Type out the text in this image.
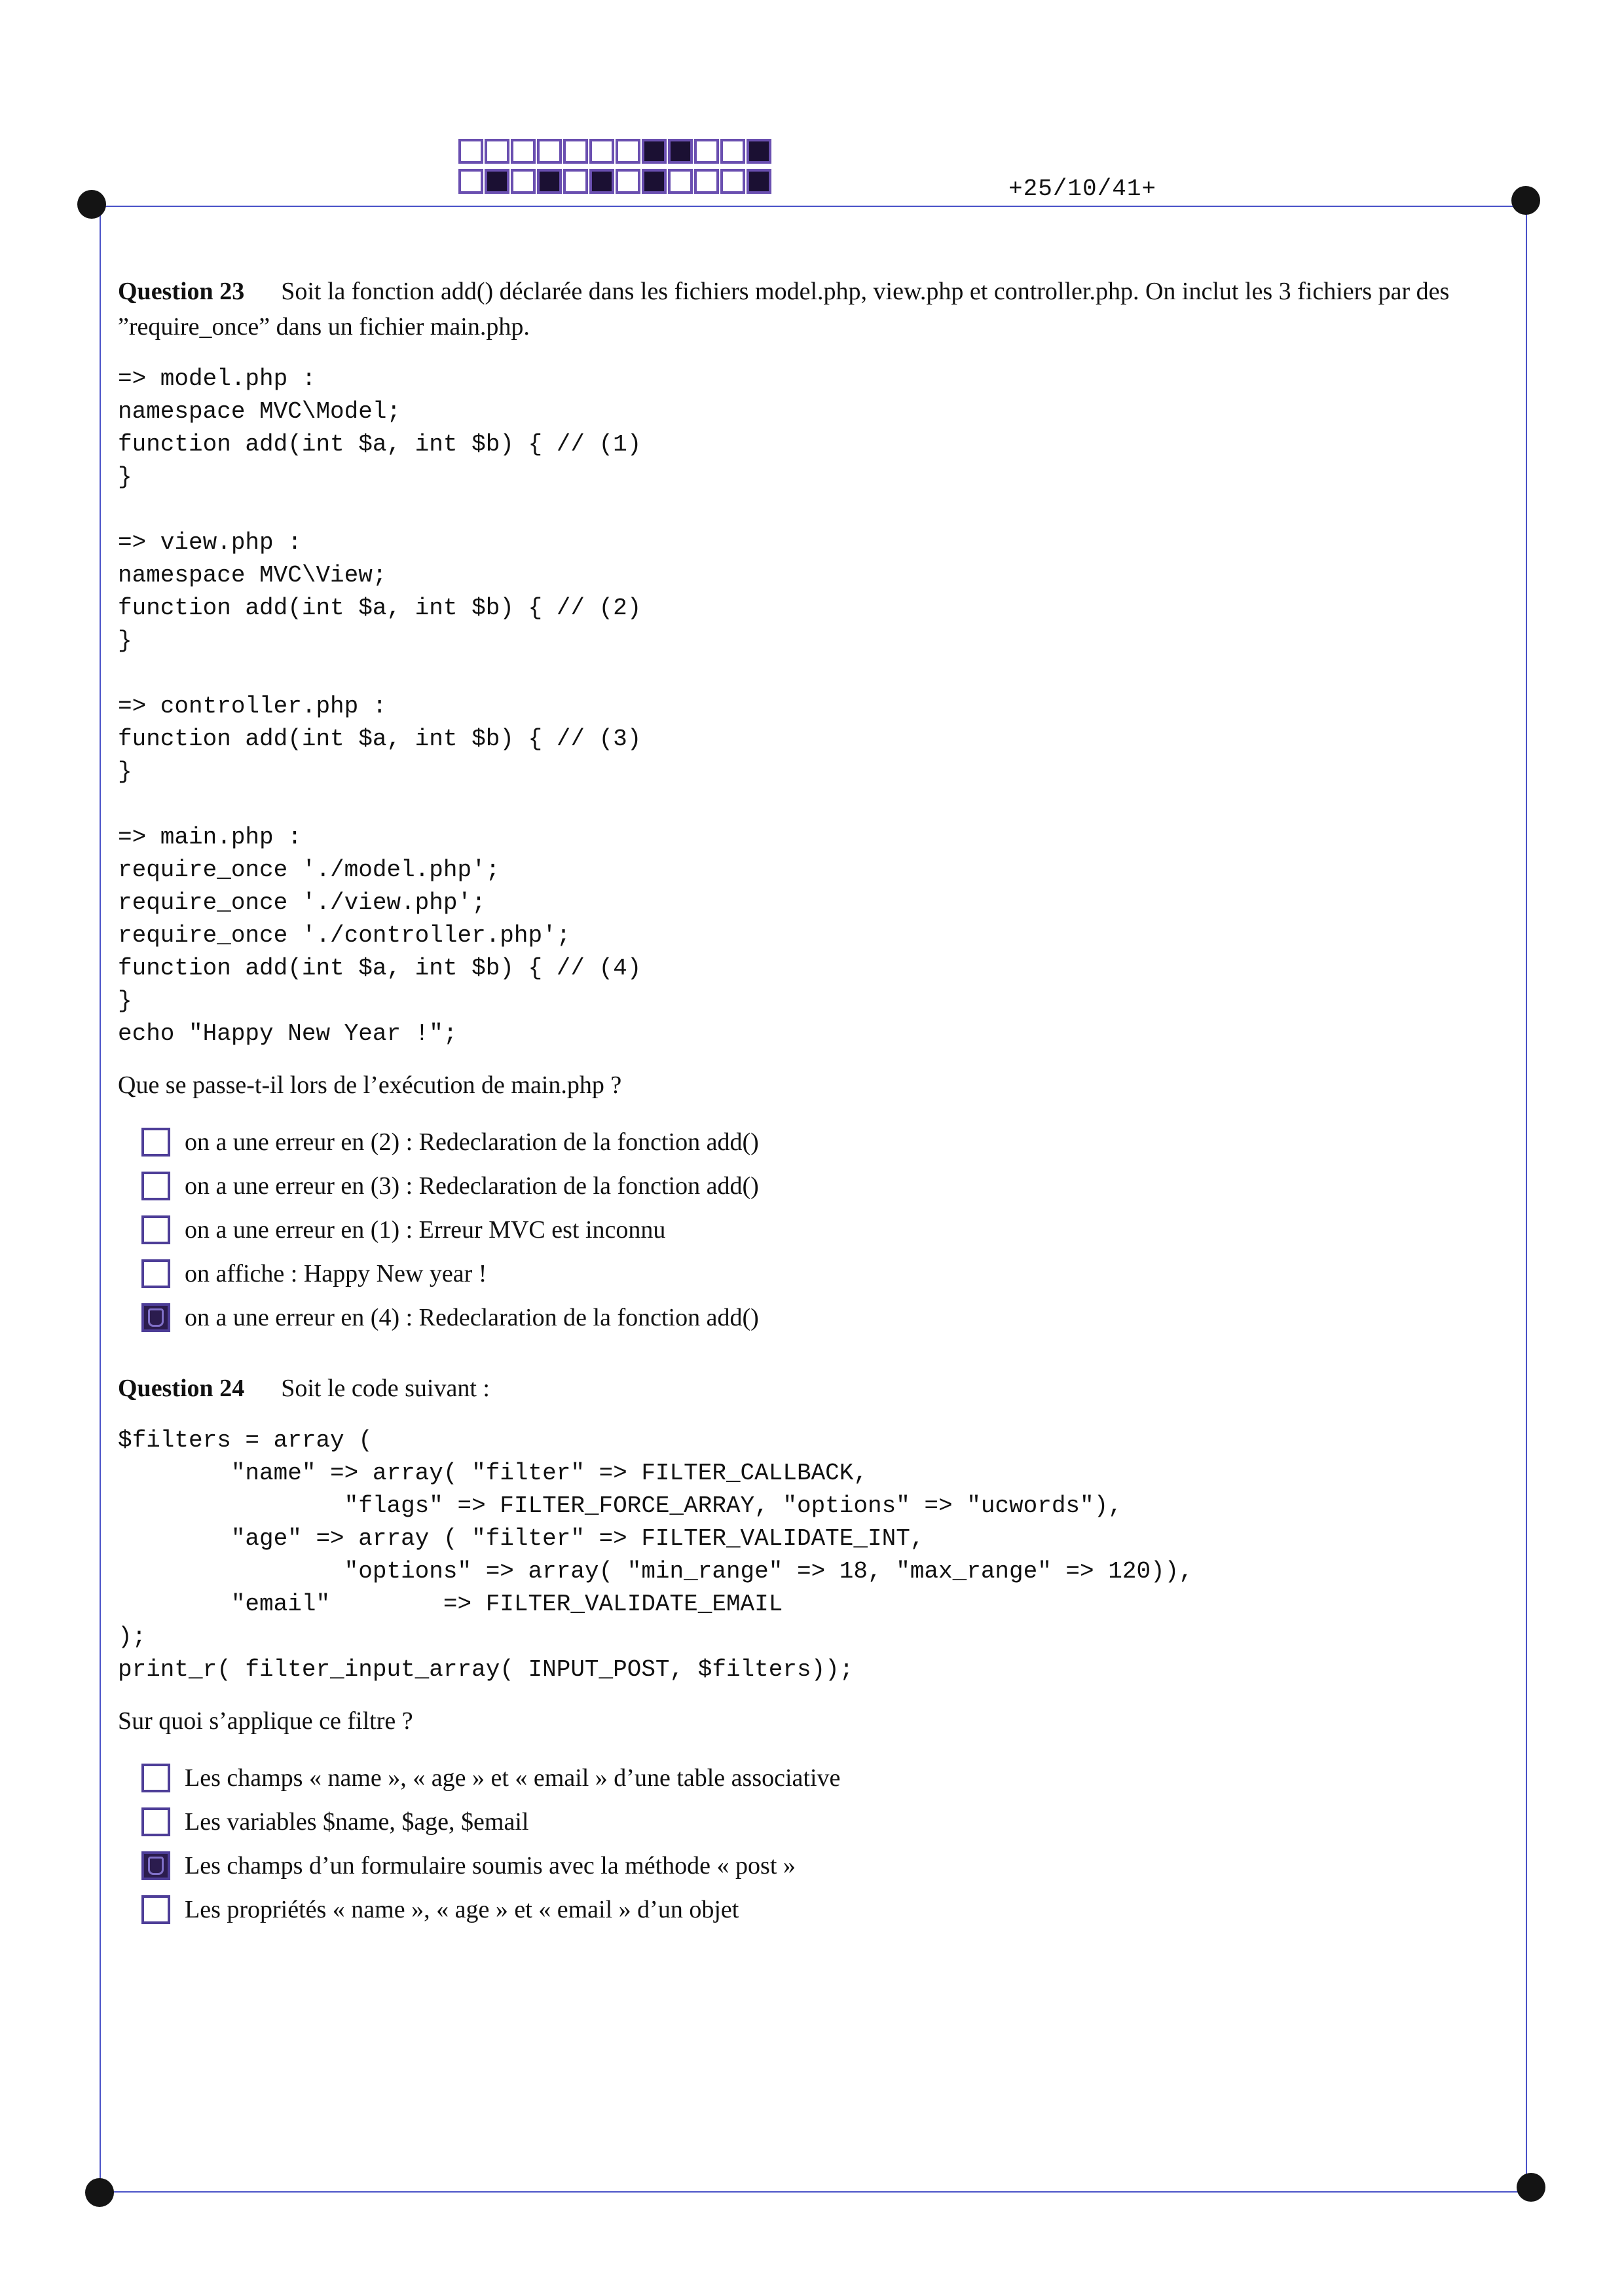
+25/10/41+

Question 23 Soit la fonction add() déclarée dans les fichiers model.php, view.php et controller.php. On inclut les 3 fichiers par des ”require_once” dans un fichier main.php.

=> model.php :
namespace MVC\Model;
function add(int $a, int $b) { // (1)
}

=> view.php :
namespace MVC\View;
function add(int $a, int $b) { // (2)
}

=> controller.php :
function add(int $a, int $b) { // (3)
}

=> main.php :
require_once './model.php';
require_once './view.php';
require_once './controller.php';
function add(int $a, int $b) { // (4)
}
echo "Happy New Year !";

Que se passe-t-il lors de l’exécution de main.php ?

on a une erreur en (2) : Redeclaration de la fonction add()
on a une erreur en (3) : Redeclaration de la fonction add()
on a une erreur en (1) : Erreur MVC est inconnu
on affiche : Happy New year !
on a une erreur en (4) : Redeclaration de la fonction add()

Question 24 Soit le code suivant :

$filters = array (
"name" => array( "filter" => FILTER_CALLBACK,
"flags" => FILTER_FORCE_ARRAY, "options" => "ucwords"),
"age" => array ( "filter" => FILTER_VALIDATE_INT,
"options" => array( "min_range" => 18, "max_range" => 120)),
"email"        => FILTER_VALIDATE_EMAIL
);
print_r( filter_input_array( INPUT_POST, $filters));

Sur quoi s’applique ce filtre ?

Les champs « name », « age » et « email » d’une table associative
Les variables $name, $age, $email
Les champs d’un formulaire soumis avec la méthode « post »
Les propriétés « name », « age » et « email » d’un objet
